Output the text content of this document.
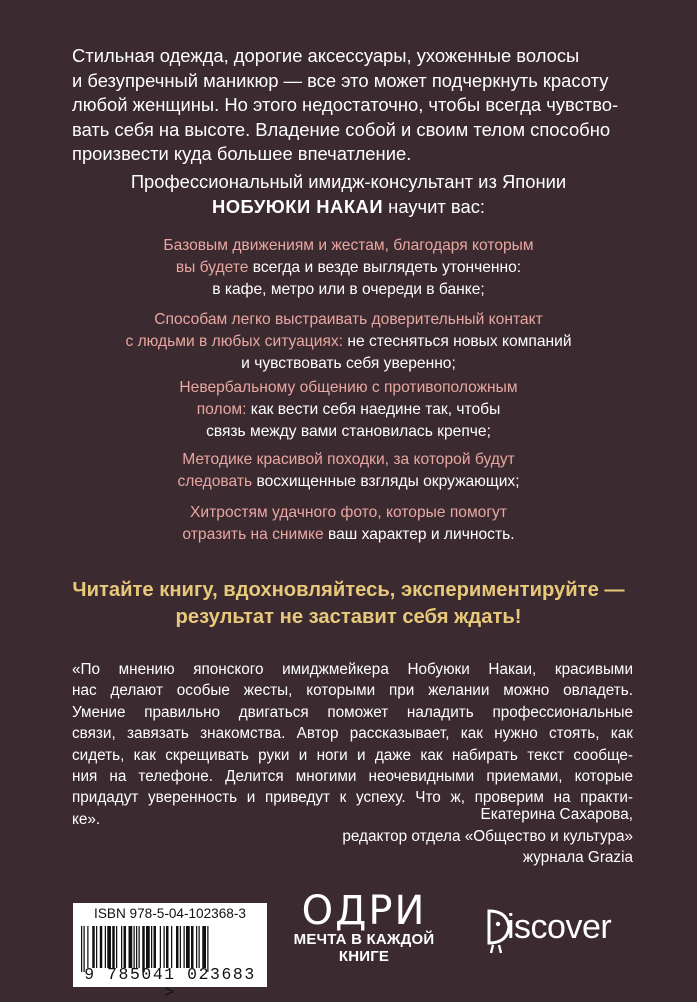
Стильная одежда, дорогие аксессуары, ухоженные волосы
и безупречный маникюр — все это может подчеркнуть красоту
любой женщины. Но этого недостаточно, чтобы всегда чувство-
вать себя на высоте. Владение собой и своим телом способно
произвести куда большее впечатление.
Профессиональный имидж-консультант из Японии
НОБУЮКИ НАКАИ научит вас:
Базовым движениям и жестам, благодаря которым
вы будете всегда и везде выглядеть утонченно:
в кафе, метро или в очереди в банке;
Способам легко выстраивать доверительный контакт
с людьми в любых ситуациях: не стесняться новых компаний
и чувствовать себя уверенно;
Невербальному общению с противоположным
полом: как вести себя наедине так, чтобы
связь между вами становилась крепче;
Методике красивой походки, за которой будут
следовать восхищенные взгляды окружающих;
Хитростям удачного фото, которые помогут
отразить на снимке ваш характер и личность.
Читайте книгу, вдохновляйтесь, экспериментируйте —
результат не заставит себя ждать!
«По мнению японского имиджмейкера Нобуюки Накаи, красивыми
нас делают особые жесты, которыми при желании можно овладеть.
Умение правильно двигаться поможет наладить профессиональные
связи, завязать знакомства. Автор рассказывает, как нужно стоять, как
сидеть, как скрещивать руки и ноги и даже как набирать текст сообще-
ния на телефоне. Делится многими неочевидными приемами, которые
придадут уверенность и приведут к успеху. Что ж, проверим на практи-
ке».	Екатерина Сахарова,
редактор отдела «Общество и культура»
журнала Grazia
ISBN 978-5-04-102368-3
9 785041 023683 >
ОДРИ
МЕЧТА В КАЖДОЙ
КНИГЕ
iscover
